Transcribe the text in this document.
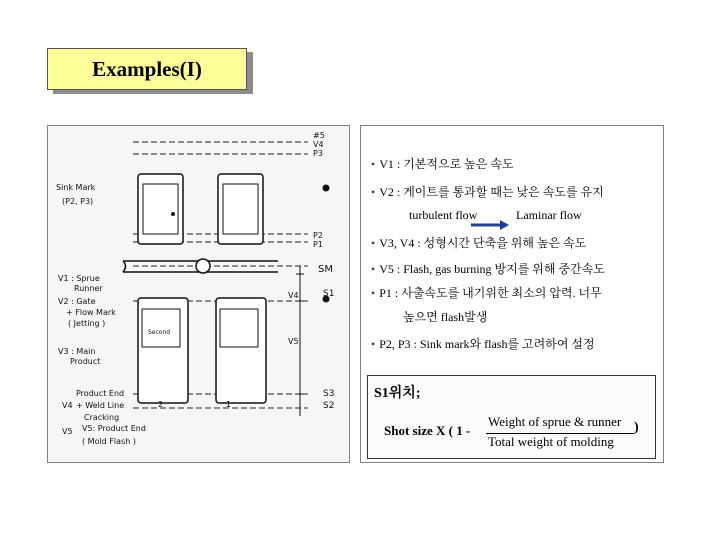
Examples(I)
Sink Mark
(P2, P3)
V1 : Sprue
Runner
V2 : Gate
+ Flow Mark
( Jetting )
V3 : Main
Product
Product End
+ Weld Line
Cracking
V5: Product End
( Mold Flash )
V4
V5
Second
#5
V4
P3
P2
P1
SM
S1
V4
V5
S3
S2
1
2
• V1 : 기본적으로 높은 속도
• V2 : 게이트를 통과할 때는 낮은 속도를 유지
turbulent flow	Laminar flow
• V3, V4 : 성형시간 단축을 위해 높은 속도
• V5 : Flash, gas burning 방지를 위해 중간속도
• P1 : 사출속도를 내기위한 최소의 압력. 너무
높으면 flash발생
• P2, P3 : Sink mark와 flash를 고려하여 설정
S1위치;
Shot size X ( 1 -
Weight of sprue & runner
Total weight of molding
)
